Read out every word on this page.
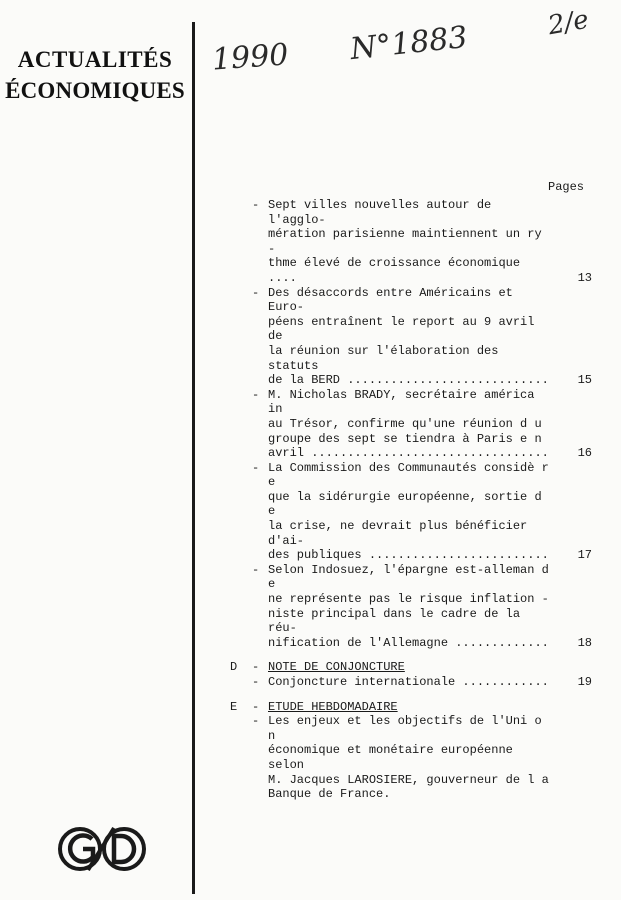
ACTUALITÉS
ÉCONOMIQUES
1990 N°1883	2/e
Pages
- Sept villes nouvelles autour de l'agglo-
mération parisienne maintiennent un ry -
thme élevé de croissance économique ....	13
- Des désaccords entre Américains et Euro-
péens entraînent le report au 9 avril de
la réunion sur l'élaboration des statuts
de la BERD ............................	15
- M. Nicholas BRADY, secrétaire américa in
au Trésor, confirme qu'une réunion d u
groupe des sept se tiendra à Paris e n
avril .................................	16
- La Commission des Communautés considè r e
que la sidérurgie européenne, sortie d e
la crise, ne devrait plus bénéficier d'ai-
des publiques .........................	17
- Selon Indosuez, l'épargne est-alleman d e
ne représente pas le risque inflation -
niste principal dans le cadre de la réu-
nification de l'Allemagne .............	18
D	- NOTE DE CONJONCTURE
- Conjoncture internationale ............	19
E	- ETUDE HEBDOMADAIRE
- Les enjeux et les objectifs de l'Uni o n
économique et monétaire européenne selon
M. Jacques LAROSIERE, gouverneur de l a
Banque de France.
